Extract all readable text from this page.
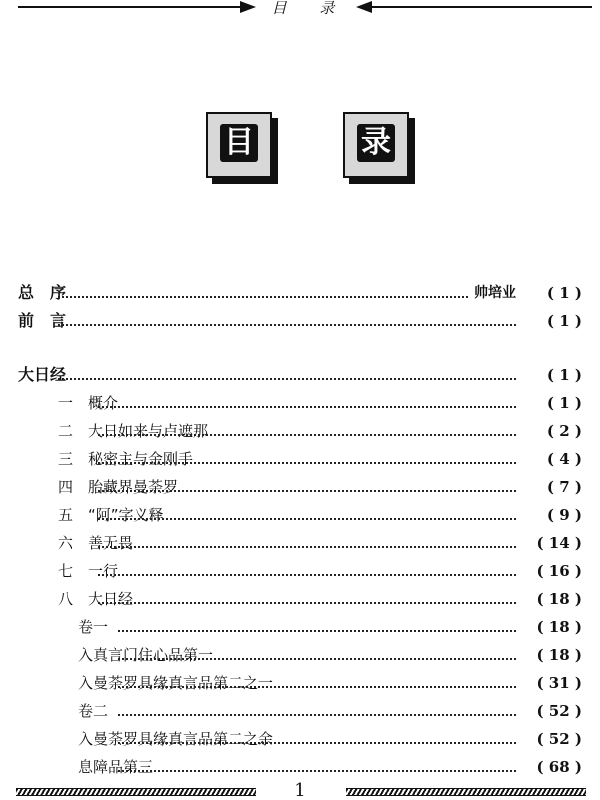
目 录
目	录
总　序	帅培业	( 1 )
前　言	( 1 )
大日经	( 1 )
一　概介	( 1 )
二　大日如来与卢遮那	( 2 )
三　秘密主与金刚手	( 4 )
四　胎藏界曼荼罗	( 7 )
五　“阿”字义释	( 9 )
六　善无畏	( 14 )
七　一行	( 16 )
八　大日经	( 18 )
卷一	( 18 )
入真言门住心品第一	( 18 )
入曼荼罗具缘真言品第二之一	( 31 )
卷二	( 52 )
入曼荼罗具缘真言品第二之余	( 52 )
息障品第三	( 68 )
1
